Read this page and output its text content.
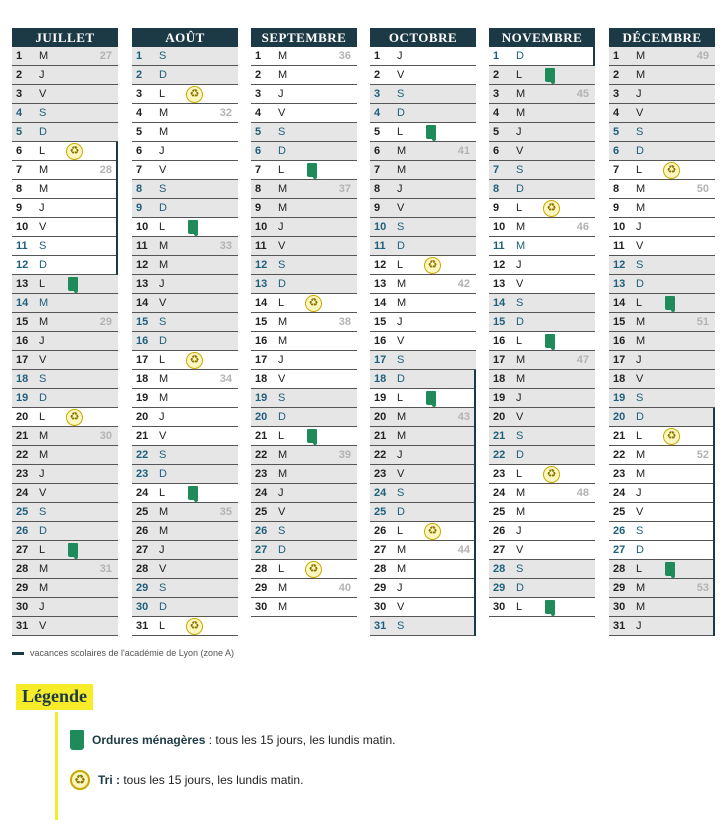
JUILLET
1 M	27
2 J
3 V
4 S
5 D
6 L	♻
7 M	28
8 M
9 J
10 V
11 S
12 D
13 L
14 M
15 M	29
16 J
17 V
18 S
19 D
20 L	♻
21 M	30
22 M
23 J
24 V
25 S
26 D
27 L
28 M	31
29 M
30 J
31 V
AOÛT
1 S
2 D
3 L	♻
4 M	32
5 M
6 J
7 V
8 S
9 D
10 L
11 M	33
12 M
13 J
14 V
15 S
16 D
17 L	♻
18 M	34
19 M
20 J
21 V
22 S
23 D
24 L
25 M	35
26 M
27 J
28 V
29 S
30 D
31 L	♻
SEPTEMBRE
1 M	36
2 M
3 J
4 V
5 S
6 D
7 L
8 M	37
9 M
10 J
11 V
12 S
13 D
14 L	♻
15 M	38
16 M
17 J
18 V
19 S
20 D
21 L
22 M	39
23 M
24 J
25 V
26 S
27 D
28 L	♻
29 M	40
30 M
OCTOBRE
1 J
2 V
3 S
4 D
5 L
6 M	41
7 M
8 J
9 V
10 S
11 D
12 L	♻
13 M	42
14 M
15 J
16 V
17 S
18 D
19 L
20 M	43
21 M
22 J
23 V
24 S
25 D
26 L	♻
27 M	44
28 M
29 J
30 V
31 S
NOVEMBRE
1 D
2 L
3 M	45
4 M
5 J
6 V
7 S
8 D
9 L	♻
10 M	46
11 M
12 J
13 V
14 S
15 D
16 L
17 M	47
18 M
19 J
20 V
21 S
22 D
23 L	♻
24 M	48
25 M
26 J
27 V
28 S
29 D
30 L
DÉCEMBRE
1 M	49
2 M
3 J
4 V
5 S
6 D
7 L	♻
8 M	50
9 M
10 J
11 V
12 S
13 D
14 L
15 M	51
16 M
17 J
18 V
19 S
20 D
21 L	♻
22 M	52
23 M
24 J
25 V
26 S
27 D
28 L
29 M	53
30 M
31 J
vacances scolaires de l'académie de Lyon (zone A)
Légende
Ordures ménagères : tous les 15 jours, les lundis matin.
♻	Tri : tous les 15 jours, les lundis matin.
